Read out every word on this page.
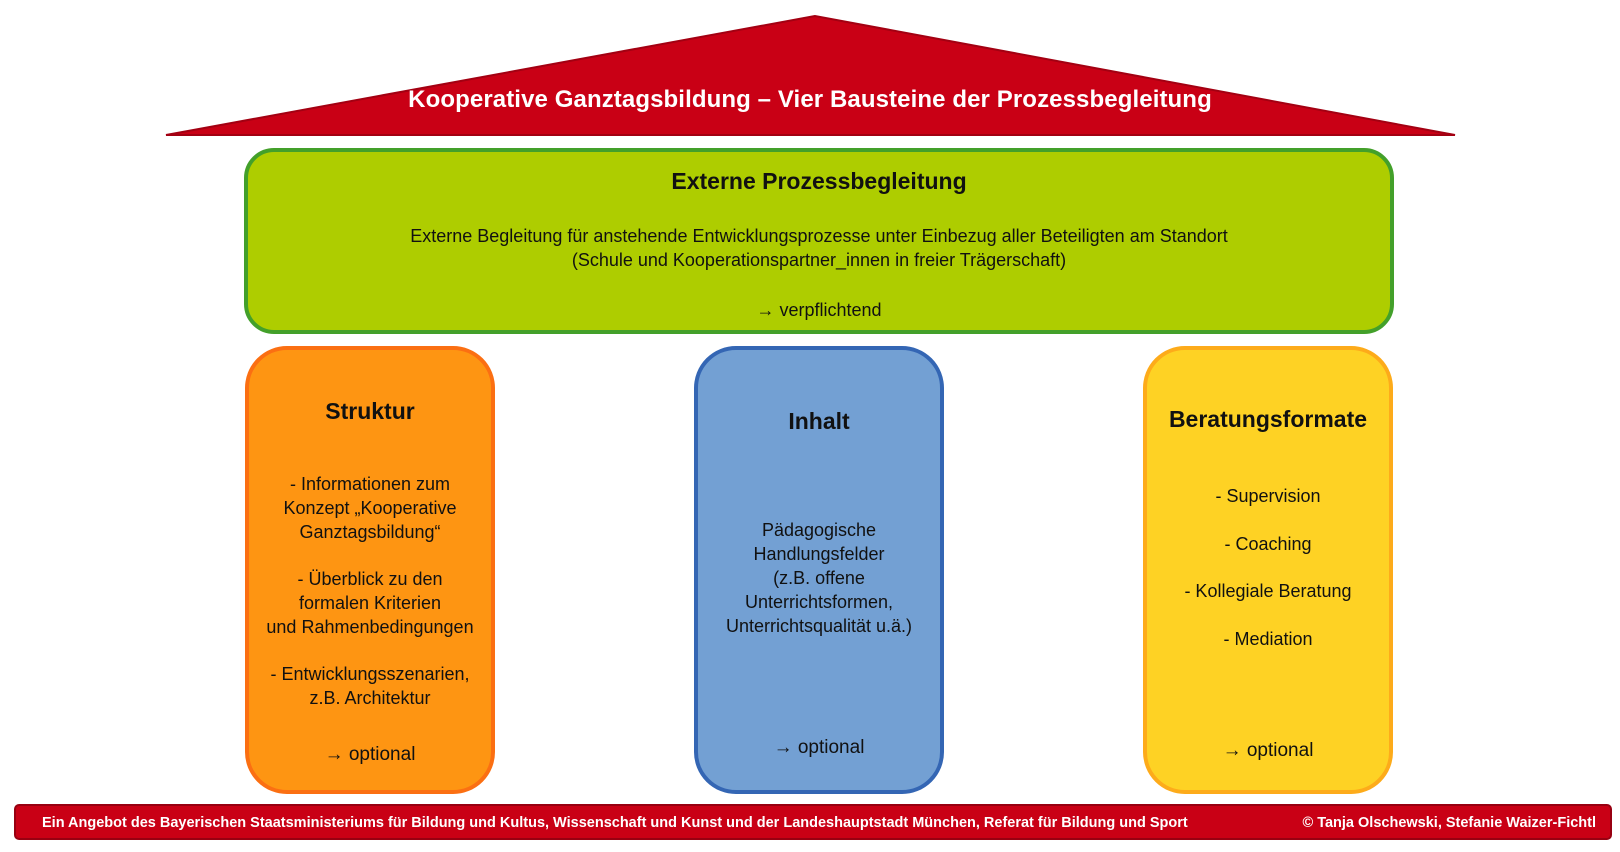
Kooperative Ganztagsbildung – Vier Bausteine der Prozessbegleitung
Externe Prozessbegleitung
Externe Begleitung für anstehende Entwicklungsprozesse unter Einbezug aller Beteiligten am Standort
(Schule und Kooperationspartner_innen in freier Trägerschaft)
→ verpflichtend
Struktur
- Informationen zum
Konzept „Kooperative
Ganztagsbildung“
- Überblick zu den
formalen Kriterien
und Rahmenbedingungen
- Entwicklungsszenarien,
z.B. Architektur
→ optional
Inhalt
Pädagogische
Handlungsfelder
(z.B. offene
Unterrichtsformen,
Unterrichtsqualität u.ä.)
→ optional
Beratungsformate
- Supervision
- Coaching
- Kollegiale Beratung
- Mediation
→ optional
Ein Angebot des Bayerischen Staatsministeriums für Bildung und Kultus, Wissenschaft und Kunst und der Landeshauptstadt München, Referat für Bildung und Sport	© Tanja Olschewski, Stefanie Waizer-Fichtl
